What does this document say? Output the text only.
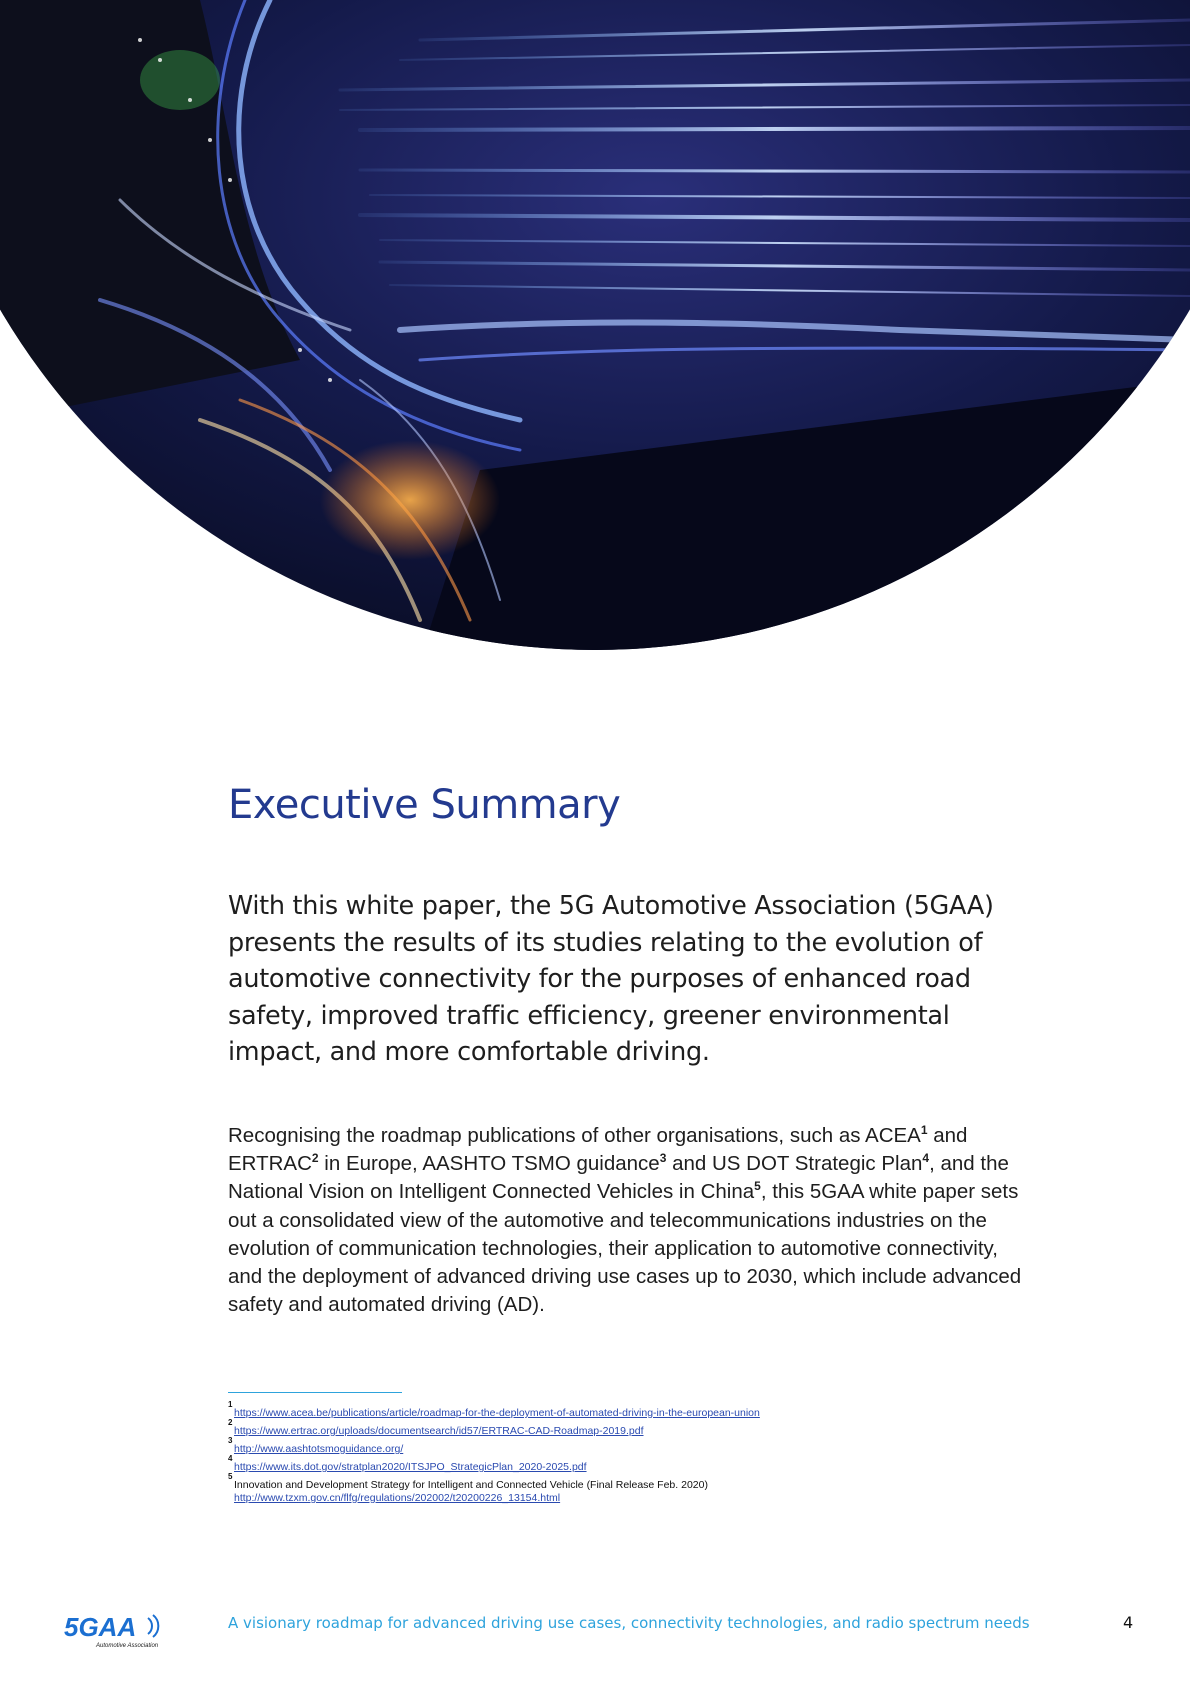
Executive Summary

With this white paper, the 5G Automotive Association (5GAA) presents the results of its studies relating to the evolution of automotive connectivity for the purposes of enhanced road safety, improved traffic efficiency, greener environmental impact, and more comfortable driving.

Recognising the roadmap publications of other organisations, such as ACEA$^1$ and ERTRAC$^2$ in Europe, AASHTO TSMO guidance$^3$ and US DOT Strategic Plan$^4$, and the National Vision on Intelligent Connected Vehicles in China$^5$, this 5GAA white paper sets out a consolidated view of the automotive and telecommunications industries on the evolution of communication technologies, their application to automotive connectivity, and the deployment of advanced driving use cases up to 2030, which include advanced safety and automated driving (AD).

1
https://www.acea.be/publications/article/roadmap-for-the-deployment-of-automated-driving-in-the-european-union
2
https://www.ertrac.org/uploads/documentsearch/id57/ERTRAC-CAD-Roadmap-2019.pdf
3
http://www.aashtotsmoguidance.org/
4
https://www.its.dot.gov/stratplan2020/ITSJPO_StrategicPlan_2020-2025.pdf
5
Innovation and Development Strategy for Intelligent and Connected Vehicle (Final Release Feb. 2020)
http://www.tzxm.gov.cn/flfg/regulations/202002/t20200226_13154.html
5GAA
Automotive Association

A visionary roadmap for advanced driving use cases, connectivity technologies, and radio spectrum needs	4
